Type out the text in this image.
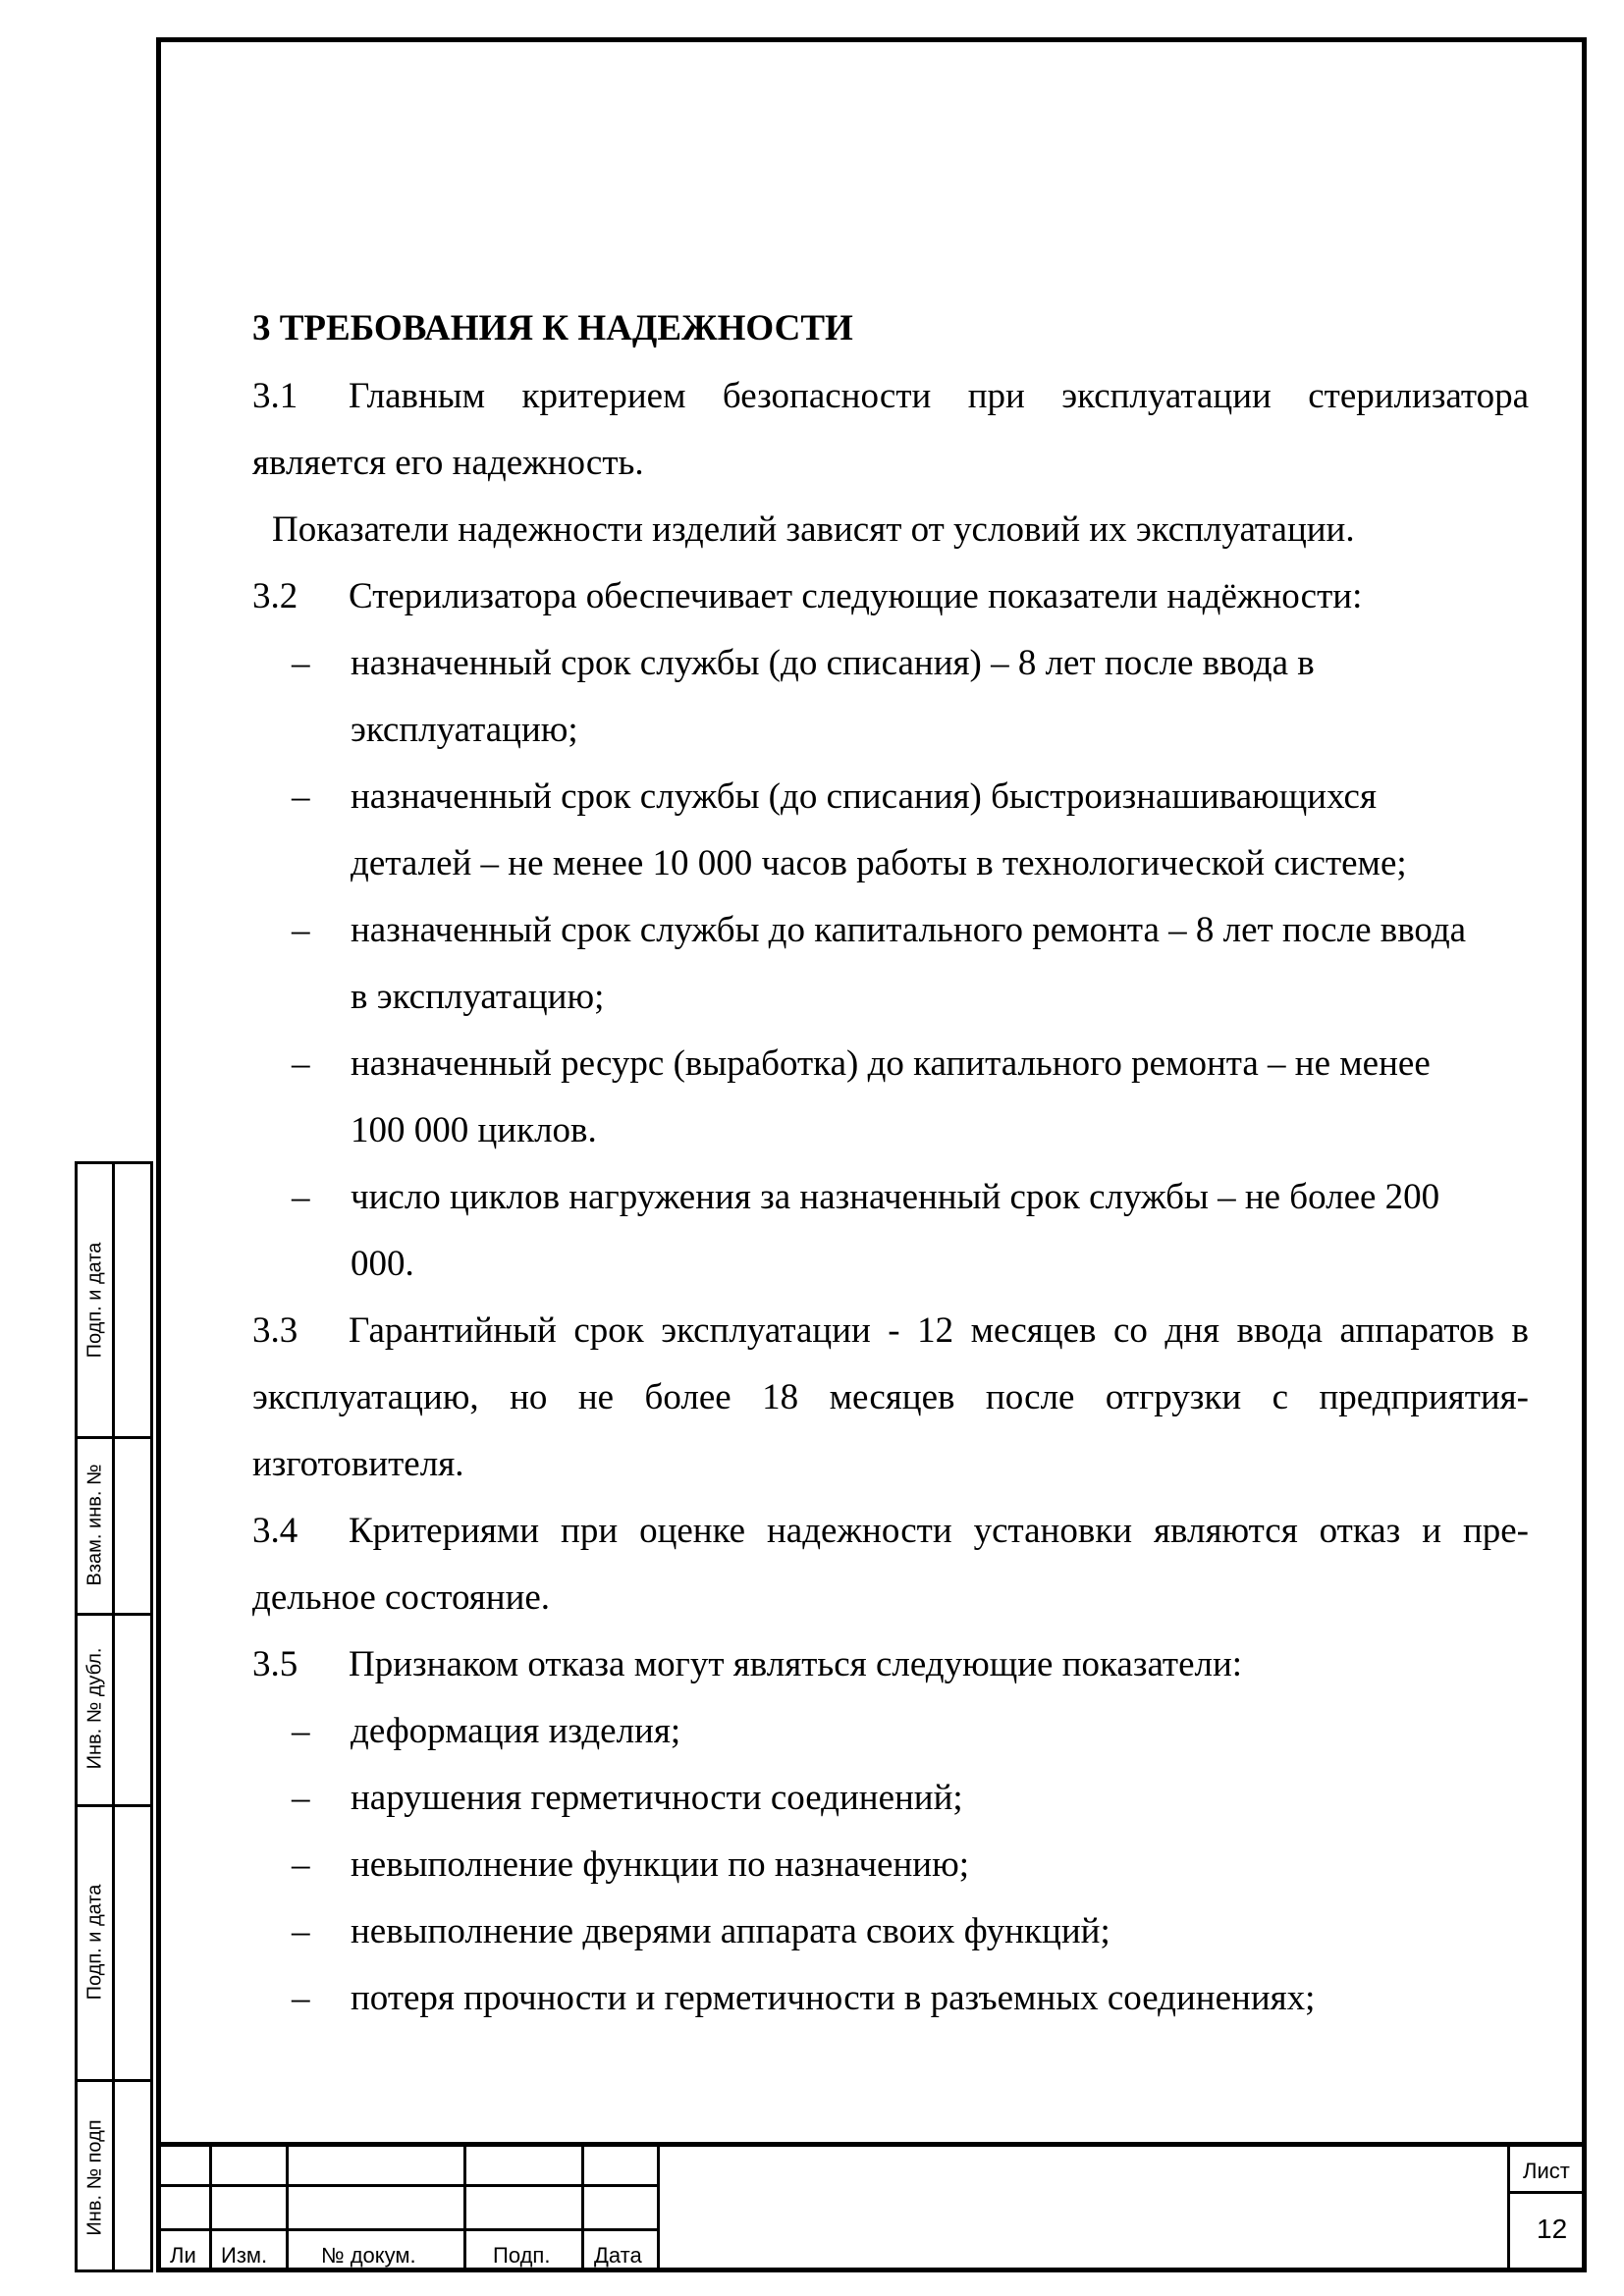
3 ТРЕБОВАНИЯ К НАДЕЖНОСТИ

3.1 Главным критерием безопасности при эксплуатации стерилизатора является его надежность.

Показатели надежности изделий зависят от условий их эксплуатации.

3.2 Стерилизатора обеспечивает следующие показатели надёжности:

– назначенный срок службы (до списания) – 8 лет после ввода в

эксплуатацию;

– назначенный срок службы (до списания) быстроизнашивающихся

деталей – не менее 10 000 часов работы в технологической системе;

– назначенный срок службы до капитального ремонта – 8 лет после ввода

в эксплуатацию;

– назначенный ресурс (выработка) до капитального ремонта – не менее

100 000 циклов.

– число циклов нагружения за назначенный срок службы – не более 200

000.

3.3 Гарантийный срок эксплуатации - 12 месяцев со дня ввода аппаратов в эксплуатацию, но не более 18 месяцев после отгрузки с предприятия-изготовителя.

3.4 Критериями при оценке надежности установки являются отказ и пре-дельное состояние.

3.5 Признаком отказа могут являться следующие показатели:

– деформация изделия;

– нарушения герметичности соединений;

– невыполнение функции по назначению;

– невыполнение дверями аппарата своих функций;

– потеря прочности и герметичности в разъемных соединениях;

Подп. и дата
Взам. инв. №
Инв. № дубл.
Подп. и дата
Инв. № подп
Ли Изм. № докум.	Подп. Дата
Лист
12
